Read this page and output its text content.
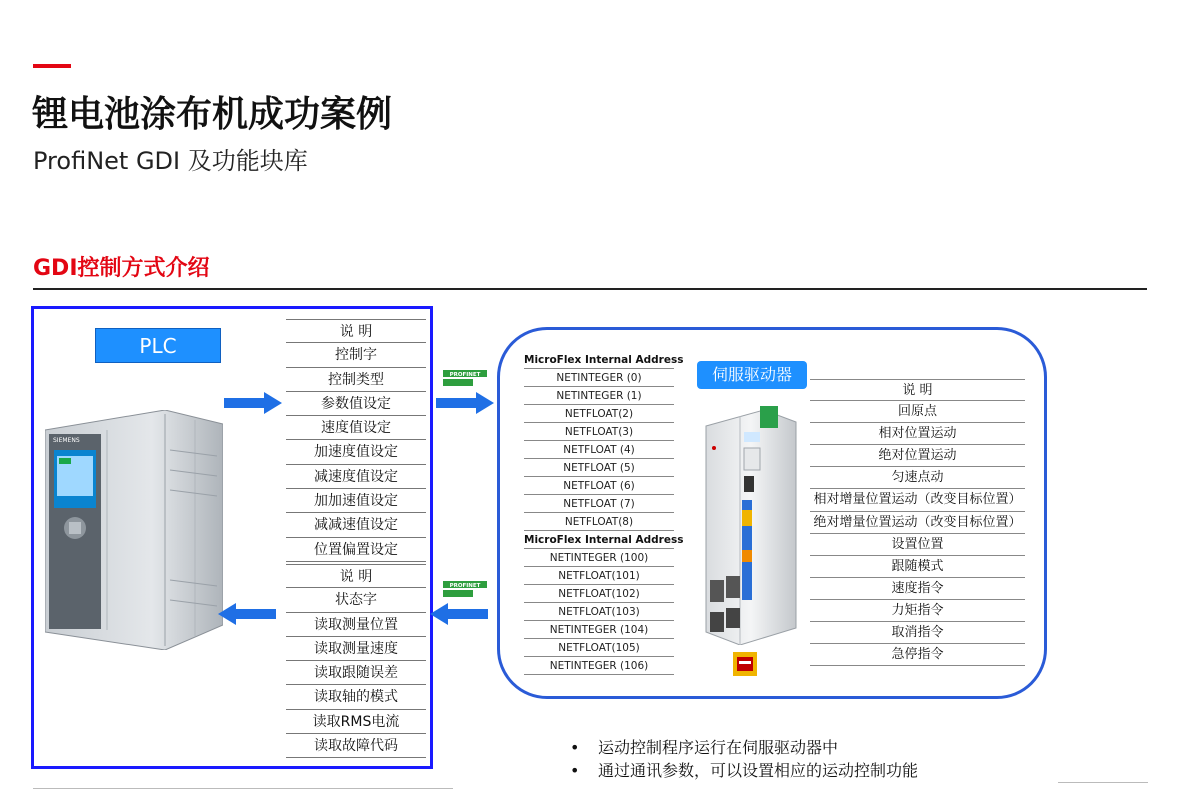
锂电池涂布机成功案例
ProfiNet GDI 及功能块库
GDI控制方式介绍
PLC
SIEMENS
说 明
控制字
控制类型
参数值设定
速度值设定
加速度值设定
减速度值设定
加加速值设定
减减速值设定
位置偏置设定
说 明
状态字
读取测量位置
读取测量速度
读取跟随误差
读取轴的模式
读取RMS电流
读取故障代码
PROFINET
PROFINET
MicroFlex Internal Address
NETINTEGER (0)
NETINTEGER (1)
NETFLOAT(2)
NETFLOAT(3)
NETFLOAT (4)
NETFLOAT (5)
NETFLOAT (6)
NETFLOAT (7)
NETFLOAT(8)
MicroFlex Internal Address
NETINTEGER (100)
NETFLOAT(101)
NETFLOAT(102)
NETFLOAT(103)
NETINTEGER (104)
NETFLOAT(105)
NETINTEGER (106)
伺服驱动器
说 明
回原点
相对位置运动
绝对位置运动
匀速点动
相对增量位置运动（改变目标位置）
绝对增量位置运动（改变目标位置）
设置位置
跟随模式
速度指令
力矩指令
取消指令
急停指令
• 运动控制程序运行在伺服驱动器中
• 通过通讯参数，可以设置相应的运动控制功能
